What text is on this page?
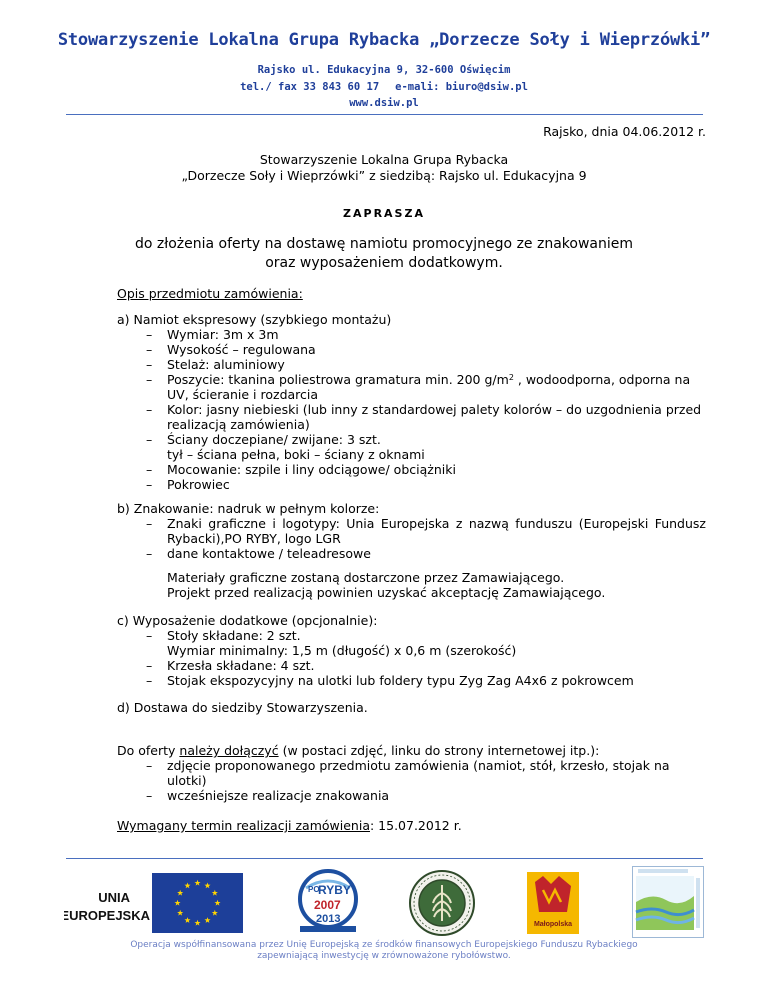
Stowarzyszenie Lokalna Grupa Rybacka „Dorzecze Soły i Wieprzówki”
Rajsko ul. Edukacyjna 9, 32-600 Oświęcim
tel./ fax 33 843 60 17 e-mali: biuro@dsiw.pl
www.dsiw.pl
Rajsko, dnia 04.06.2012 r.
Stowarzyszenie Lokalna Grupa Rybacka
„Dorzecze Soły i Wieprzówki” z siedzibą: Rajsko ul. Edukacyjna 9
ZAPRASZA
do złożenia oferty na dostawę namiotu promocyjnego ze znakowaniem
oraz wyposażeniem dodatkowym.
Opis przedmiotu zamówienia:
a) Namiot ekspresowy (szybkiego montażu)
– Wymiar: 3m x 3m
– Wysokość – regulowana
– Stelaż: aluminiowy
– Poszycie: tkanina poliestrowa gramatura min. 200 $g/m^2$ , wodoodporna, odporna na UV, ścieranie i rozdarcia
– Kolor: jasny niebieski (lub inny z standardowej palety kolorów – do uzgodnienia przed realizacją zamówienia)
– Ściany doczepiane/ zwijane: 3 szt.
tył – ściana pełna, boki – ściany z oknami
– Mocowanie: szpile i liny odciągowe/ obciążniki
– Pokrowiec
b) Znakowanie: nadruk w pełnym kolorze:
– Znaki graficzne i logotypy: Unia Europejska z nazwą funduszu (Europejski Fundusz Rybacki),PO RYBY, logo LGR
– dane kontaktowe / teleadresowe
Materiały graficzne zostaną dostarczone przez Zamawiającego.
Projekt przed realizacją powinien uzyskać akceptację Zamawiającego.
c) Wyposażenie dodatkowe (opcjonalnie):
– Stoły składane: 2 szt.
Wymiar minimalny: 1,5 m (długość) x 0,6 m (szerokość)
– Krzesła składane: 4 szt.
– Stojak ekspozycyjny na ulotki lub foldery typu Zyg Zag A4x6 z pokrowcem
d) Dostawa do siedziby Stowarzyszenia.
Do oferty należy dołączyć (w postaci zdjęć, linku do strony internetowej itp.):
– zdjęcie proponowanego przedmiotu zamówienia (namiot, stół, krzesło, stojak na ulotki)
– wcześniejsze realizacje znakowania
Wymagany termin realizacji zamówienia: 15.07.2012 r.
UNIA
EUROPEJSKA
PO
RYBY
2007
2013	Małopolska
Operacja współfinansowana przez Unię Europejską ze środków finansowych Europejskiego Funduszu Rybackiego
zapewniającą inwestycję w zrównoważone rybołówstwo.
